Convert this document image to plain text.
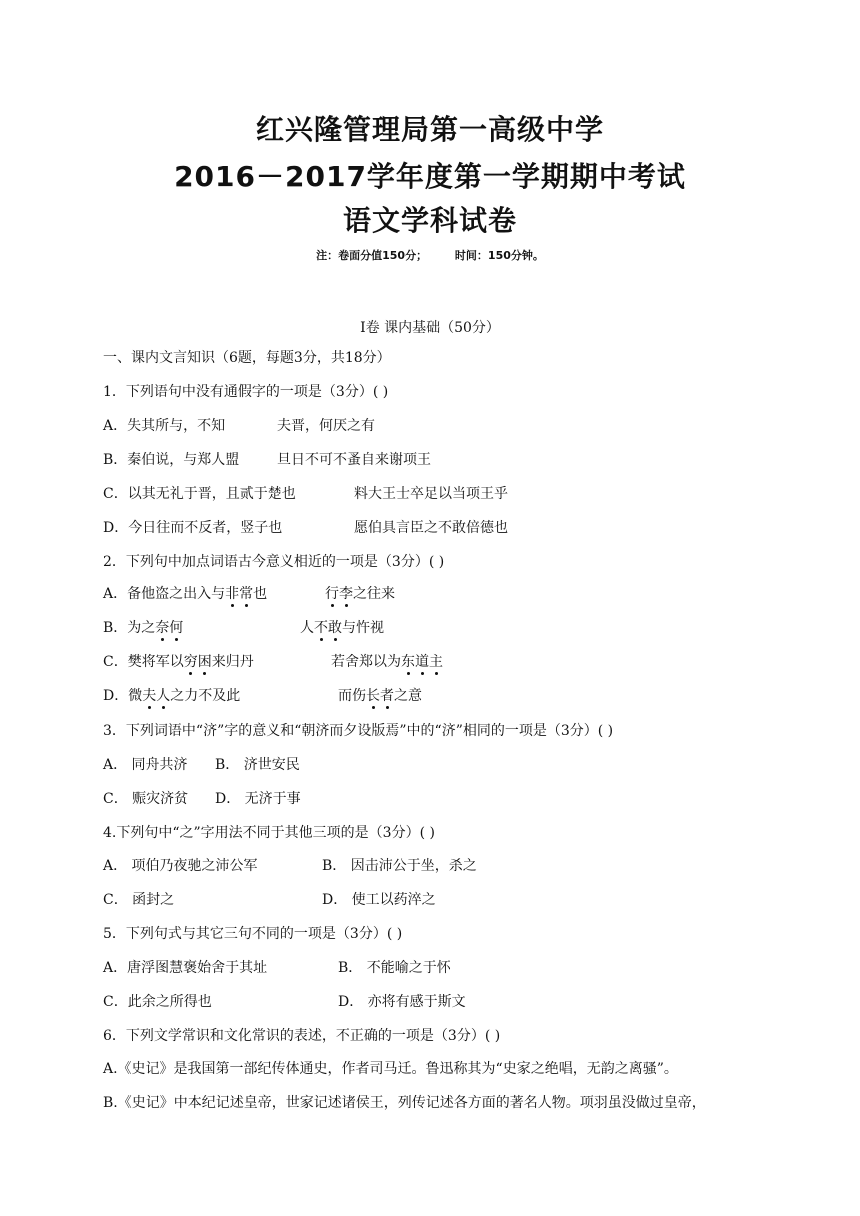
红兴隆管理局第一高级中学
2016－2017学年度第一学期期中考试
语文学科试卷
注：卷面分值150分；	时间：150分钟。
Ⅰ卷 课内基础（50分）
一、课内文言知识（6题，每题3分，共18分）
1．下列语句中没有通假字的一项是（3分）( )
A．失其所与，不知	夫晋，何厌之有
B．秦伯说，与郑人盟	旦日不可不蚤自来谢项王
C．以其无礼于晋，且贰于楚也	料大王士卒足以当项王乎
D．今日往而不反者，竖子也	愿伯具言臣之不敢倍德也
2．下列句中加点词语古今意义相近的一项是（3分）( )
A．备他盗之出入与非常也	行李之往来
B．为之奈何	人不敢与忤视
C．樊将军以穷困来归丹	若舍郑以为东道主
D．微夫人之力不及此	而伤长者之意
3．下列词语中“济”字的意义和“朝济而夕设版焉”中的“济”相同的一项是（3分）( )
A． 同舟共济 B． 济世安民
C． 赈灾济贫 D． 无济于事
4.下列句中“之”字用法不同于其他三项的是（3分）( )
A． 项伯乃夜驰之沛公军	B． 因击沛公于坐，杀之
C． 函封之	D． 使工以药淬之
5．下列句式与其它三句不同的一项是（3分）( )
A．唐浮图慧褒始舍于其址	B． 不能喻之于怀
C．此余之所得也	D． 亦将有感于斯文
6．下列文学常识和文化常识的表述，不正确的一项是（3分）( )
A.《史记》是我国第一部纪传体通史，作者司马迁。鲁迅称其为“史家之绝唱，无韵之离骚”。
B.《史记》中本纪记述皇帝，世家记述诸侯王，列传记述各方面的著名人物。项羽虽没做过皇帝，
